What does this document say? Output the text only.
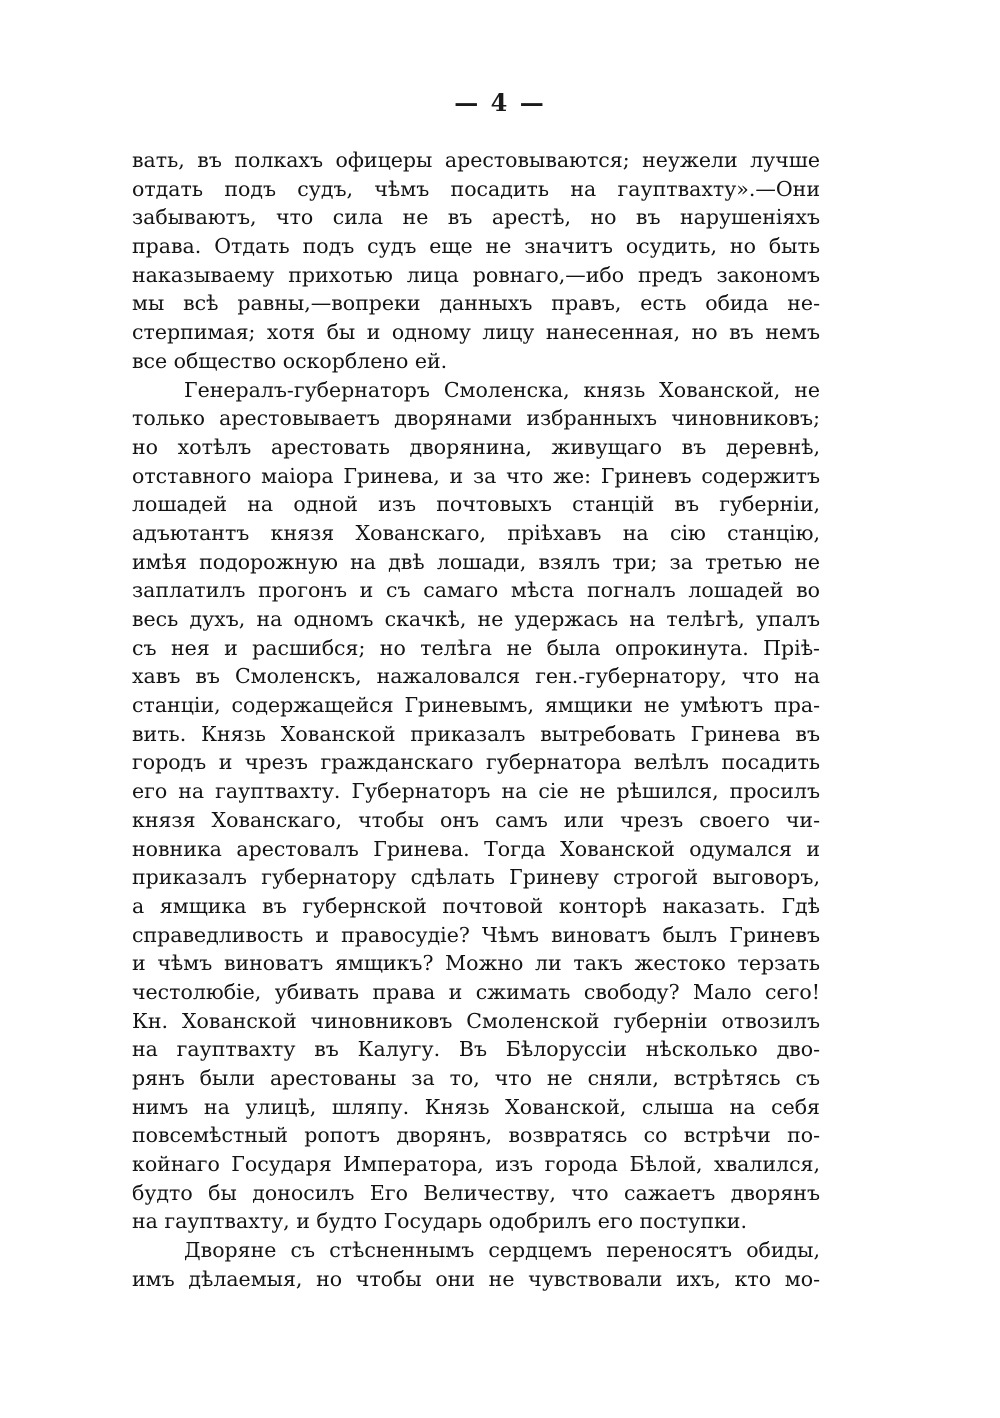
— 4 —
вать, въ полкахъ офицеры арестовываются; неужели лучше
отдать подъ судъ, чѣмъ посадить на гауптвахту».—Они
забываютъ, что сила не въ арестѣ, но въ нарушеніяхъ
права. Отдать подъ судъ еще не значитъ осудить, но быть
наказываему прихотью лица ровнаго,—ибо предъ закономъ
мы всѣ равны,—вопреки данныхъ правъ, есть обида не-
стерпимая; хотя бы и одному лицу нанесенная, но въ немъ
все общество оскорблено ей.
Генералъ-губернаторъ Смоленска, князь Хованской, не
только арестовываетъ дворянами избранныхъ чиновниковъ;
но хотѣлъ арестовать дворянина, живущаго въ деревнѣ,
отставного маіора Гринева, и за что же: Гриневъ содержитъ
лошадей на одной изъ почтовыхъ станцій въ губерніи,
адъютантъ князя Хованскаго, пріѣхавъ на сію станцію,
имѣя подорожную на двѣ лошади, взялъ три; за третью не
заплатилъ прогонъ и съ самаго мѣста погналъ лошадей во
весь духъ, на одномъ скачкѣ, не удержась на телѣгѣ, упалъ
съ нея и расшибся; но телѣга не была опрокинута. Пріѣ-
хавъ въ Смоленскъ, нажаловался ген.-губернатору, что на
станціи, содержащейся Гриневымъ, ямщики не умѣютъ пра-
вить. Князь Хованской приказалъ вытребовать Гринева въ
городъ и чрезъ гражданскаго губернатора велѣлъ посадить
его на гауптвахту. Губернаторъ на сіе не рѣшился, просилъ
князя Хованскаго, чтобы онъ самъ или чрезъ своего чи-
новника арестовалъ Гринева. Тогда Хованской одумался и
приказалъ губернатору сдѣлать Гриневу строгой выговоръ,
а ямщика въ губернской почтовой конторѣ наказать. Гдѣ
справедливость и правосудіе? Чѣмъ виноватъ былъ Гриневъ
и чѣмъ виноватъ ямщикъ? Можно ли такъ жестоко терзать
честолюбіе, убивать права и сжимать свободу? Мало сего!
Кн. Хованской чиновниковъ Смоленской губерніи отвозилъ
на гауптвахту въ Калугу. Въ Бѣлоруссіи нѣсколько дво-
рянъ были арестованы за то, что не сняли, встрѣтясь съ
нимъ на улицѣ, шляпу. Князь Хованской, слыша на себя
повсемѣстный ропотъ дворянъ, возвратясь со встрѣчи по-
койнаго Государя Императора, изъ города Бѣлой, хвалился,
будто бы доносилъ Его Величеству, что сажаетъ дворянъ
на гауптвахту, и будто Государь одобрилъ его поступки.
Дворяне съ стѣсненнымъ сердцемъ переносятъ обиды,
имъ дѣлаемыя, но чтобы они не чувствовали ихъ, кто мо-
